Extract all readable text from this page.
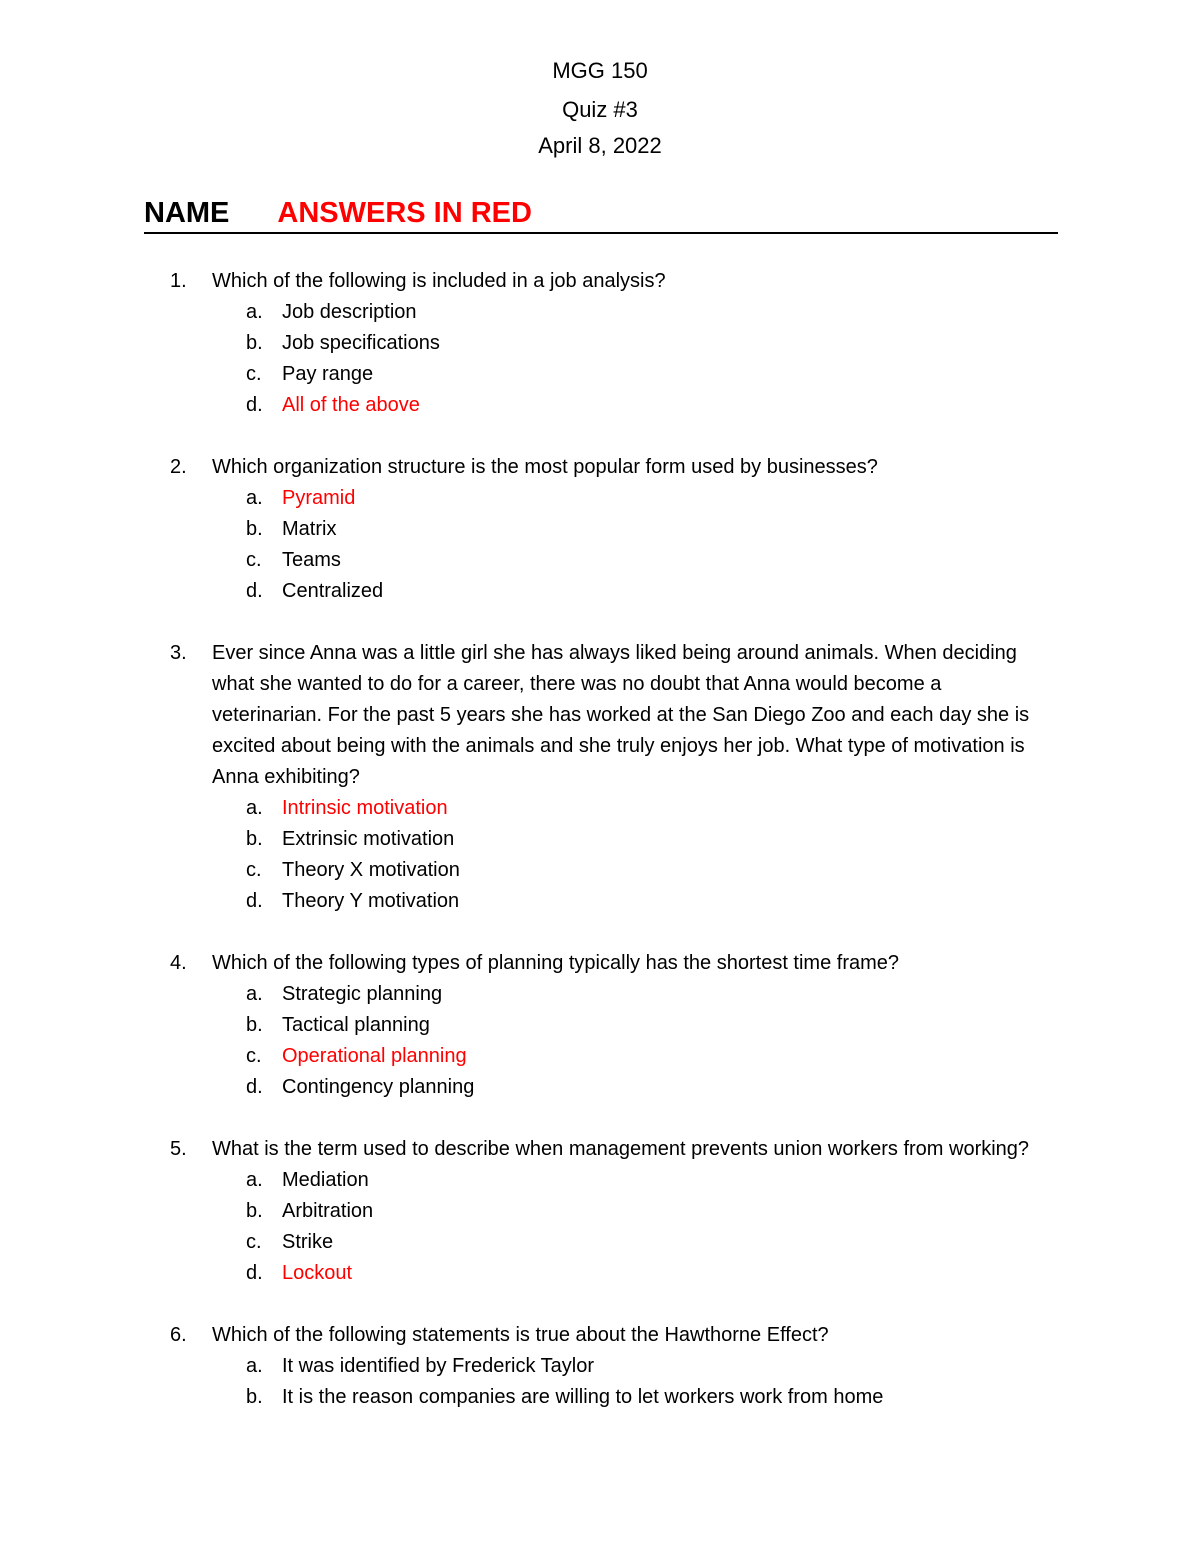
MGG 150
Quiz #3
April 8, 2022
NAME ANSWERS IN RED
1.	Which of the following is included in a job analysis?
a. Job description
b. Job specifications
c.	Pay range
d. All of the above
2.	Which organization structure is the most popular form used by businesses?
a. Pyramid
b. Matrix
c.	Teams
d. Centralized
3.	Ever since Anna was a little girl she has always liked being around animals. When deciding what she wanted to do for a career, there was no doubt that Anna would become a veterinarian. For the past 5 years she has worked at the San Diego Zoo and each day she is excited about being with the animals and she truly enjoys her job. What type of motivation is Anna exhibiting?
a. Intrinsic motivation
b. Extrinsic motivation
c.	Theory X motivation
d. Theory Y motivation
4.	Which of the following types of planning typically has the shortest time frame?
a. Strategic planning
b. Tactical planning
c.	Operational planning
d. Contingency planning
5.	What is the term used to describe when management prevents union workers from working?
a. Mediation
b. Arbitration
c.	Strike
d. Lockout
6.	Which of the following statements is true about the Hawthorne Effect?
a. It was identified by Frederick Taylor
b. It is the reason companies are willing to let workers work from home
